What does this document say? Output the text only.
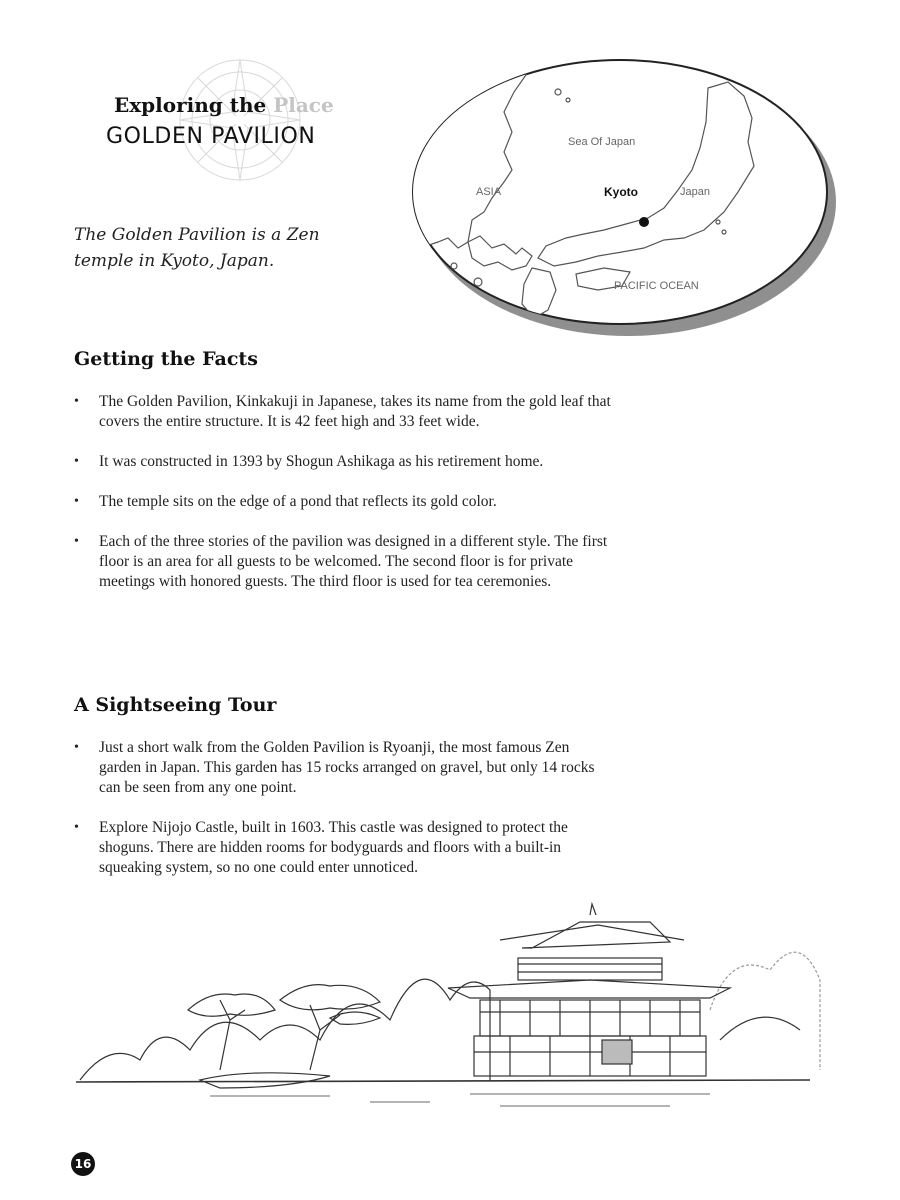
Exploring the Place
GOLDEN PAVILION
The Golden Pavilion is a Zen temple in Kyoto, Japan.
Sea Of Japan
ASIA	Kyoto	Japan
PACIFIC OCEAN
Getting the Facts
• The Golden Pavilion, Kinkakuji in Japanese, takes its name from the gold leaf that covers the entire structure. It is 42 feet high and 33 feet wide.
• It was constructed in 1393 by Shogun Ashikaga as his retirement home.
• The temple sits on the edge of a pond that reflects its gold color.
• Each of the three stories of the pavilion was designed in a different style. The first floor is an area for all guests to be welcomed. The second floor is for private meetings with honored guests. The third floor is used for tea ceremonies.
A Sightseeing Tour
• Just a short walk from the Golden Pavilion is Ryoanji, the most famous Zen garden in Japan. This garden has 15 rocks arranged on gravel, but only 14 rocks can be seen from any one point.
• Explore Nijojo Castle, built in 1603. This castle was designed to protect the shoguns. There are hidden rooms for bodyguards and floors with a built-in squeaking system, so no one could enter unnoticed.
16
